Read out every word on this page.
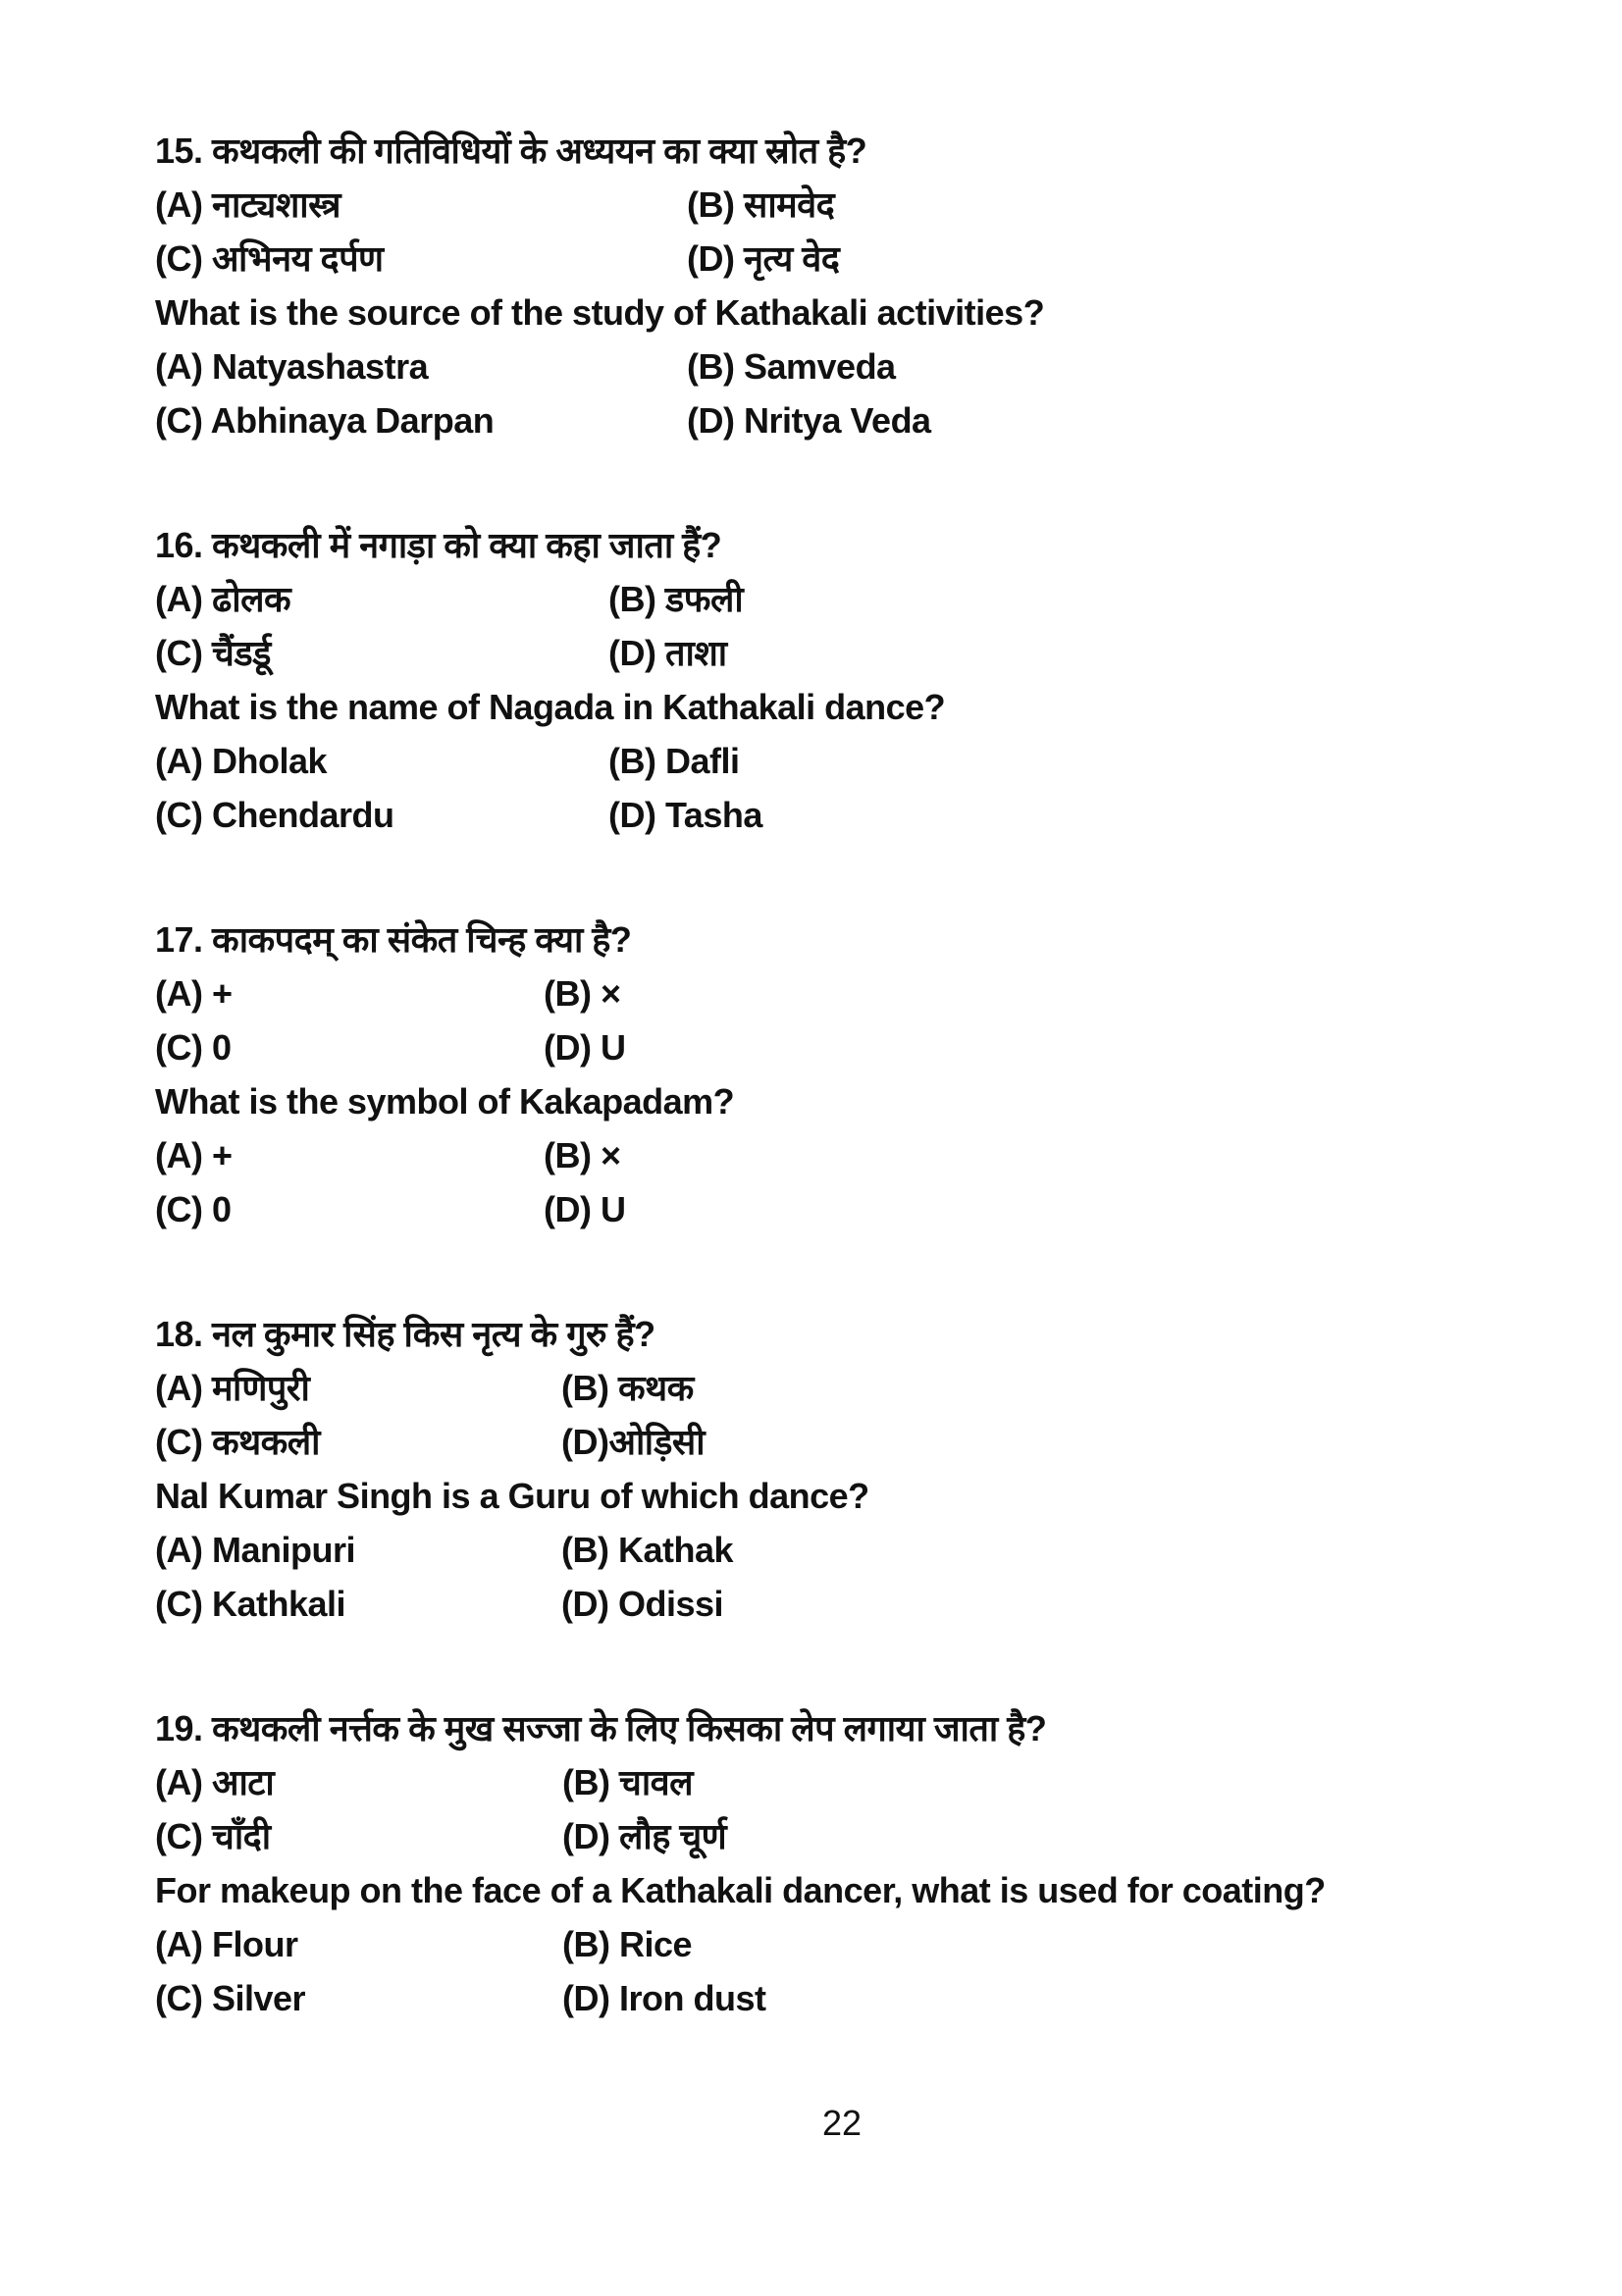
15. कथकली की गतिविधियों के अध्ययन का क्या स्रोत है?

(A) नाट्यशास्त्र	(B) सामवेद
(C) अभिनय दर्पण	(D) नृत्य वेद

What is the source of the study of Kathakali activities?

(A) Natyashastra	(B) Samveda
(C) Abhinaya Darpan	(D) Nritya Veda

16. कथकली में नगाड़ा को क्या कहा जाता हैं?

(A) ढोलक	(B) डफली
(C) चैंडर्डू	(D) ताशा

What is the name of Nagada in Kathakali dance?

(A) Dholak	(B) Dafli
(C) Chendardu	(D) Tasha

17. काकपदम् का संकेत चिन्ह क्या है?

(A) +	(B) ×
(C) 0	(D) U

What is the symbol of Kakapadam?

(A) +	(B) ×
(C) 0	(D) U

18. नल कुमार सिंह किस नृत्य के गुरु हैं?

(A) मणिपुरी	(B) कथक
(C) कथकली	(D)ओड़िसी

Nal Kumar Singh is a Guru of which dance?

(A) Manipuri	(B) Kathak
(C) Kathkali	(D) Odissi

19. कथकली नर्त्तक के मुख सज्जा के लिए किसका लेप लगाया जाता है?

(A) आटा	(B) चावल
(C) चाँदी	(D) लौह चूर्ण

For makeup on the face of a Kathakali dancer, what is used for coating?

(A) Flour	(B) Rice
(C) Silver	(D) Iron dust

22
